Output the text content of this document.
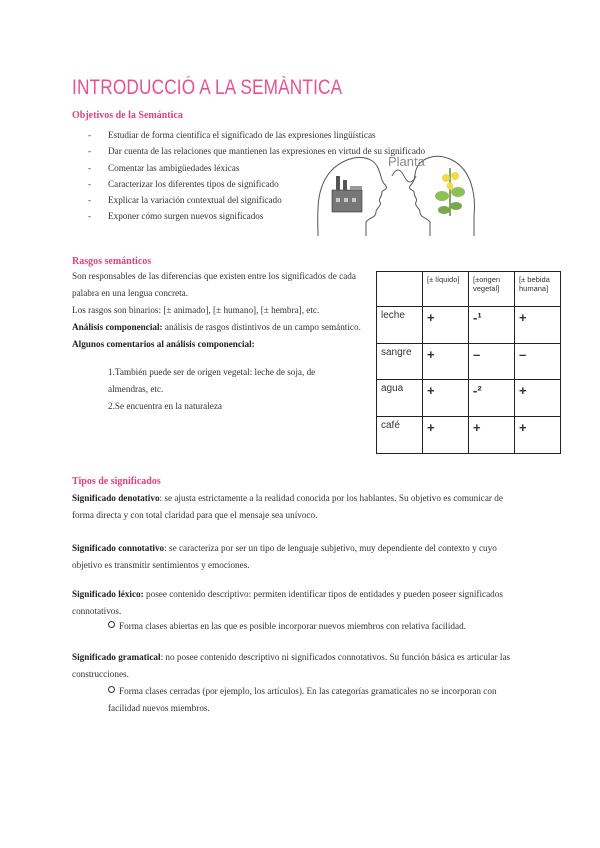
INTRODUCCIÓ A LA SEMÀNTICA
Objetivos de la Semántica
- Estudiar de forma científica el significado de las expresiones lingüísticas
- Dar cuenta de las relaciones que mantienen las expresiones en virtud de su significado
- Comentar las ambigüedades léxicas
- Caracterizar los diferentes tipos de significado
- Explicar la variación contextual del significado
- Exponer cómo surgen nuevos significados
Planta
Rasgos semánticos
Son responsables de las diferencias que existen entre los significados de cada palabra en una lengua concreta.
Los rasgos son binarios: [± animado], [± humano], [± hembra], etc.
Análisis componencial: análisis de rasgos distintivos de un campo semántico.
Algunos comentarios al análisis componencial:
1.También puede ser de origen vegetal: leche de soja, de almendras, etc.
2.Se encuentra en la naturaleza
	[± líquido]	[±origen vegetal]	[± bebida humana]
leche	+	-¹	+
sangre	+	–	–
agua	+	-²	+
café	+	+	+
Tipos de significados
Significado denotativo: se ajusta estrictamente a la realidad conocida por los hablantes. Su objetivo es comunicar de forma directa y con total claridad para que el mensaje sea unívoco.
Significado connotativo: se caracteriza por ser un tipo de lenguaje subjetivo, muy dependiente del contexto y cuyo objetivo es transmitir sentimientos y emociones.
Significado léxico: posee contenido descriptivo: permiten identificar tipos de entidades y pueden poseer significados connotativos.
Forma clases abiertas en las que es posible incorporar nuevos miembros con relativa facilidad.
Significado gramatical: no posee contenido descriptivo ni significados connotativos. Su función básica es articular las construcciones.
Forma clases cerradas (por ejemplo, los artículos). En las categorías gramaticales no se incorporan con facilidad nuevos miembros.
